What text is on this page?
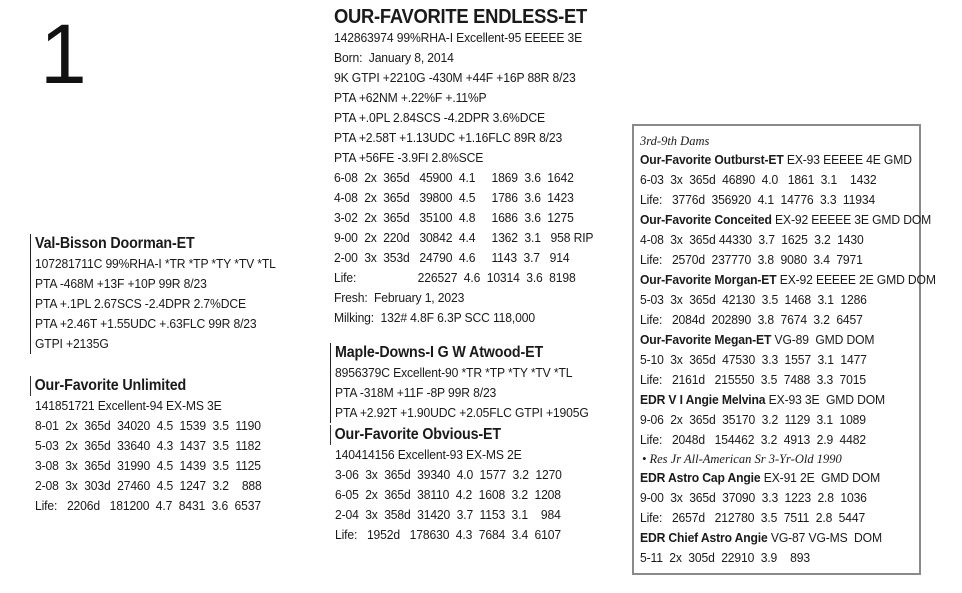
1	OUR-FAVORITE ENDLESS-ET
142863974 99%RHA-I Excellent-95 EEEEE 3E
Born:  January 8, 2014
9K GTPI +2210G -430M +44F +16P 88R 8/23
PTA +62NM +.22%F +.11%P
PTA +.0PL 2.84SCS -4.2DPR 3.6%DCE
PTA +2.58T +1.13UDC +1.16FLC 89R 8/23
PTA +56FE -3.9FI 2.8%SCE
6-08  2x  365d   45900  4.1     1869  3.6  1642
4-08  2x  365d   39800  4.5     1786  3.6  1423
3-02  2x  365d   35100  4.8     1686  3.6  1275
9-00  2x  220d   30842  4.4     1362  3.1   958 RIP
2-00  3x  353d   24790  4.6     1143  3.7   914
Life:                   226527  4.6  10314  3.6  8198
Fresh:  February 1, 2023
Milking:  132# 4.8F 6.3P SCC 118,000
Val-Bisson Doorman-ET
107281711C 99%RHA-I *TR *TP *TY *TV *TL
PTA -468M +13F +10P 99R 8/23
PTA +.1PL 2.67SCS -2.4DPR 2.7%DCE
PTA +2.46T +1.55UDC +.63FLC 99R 8/23
GTPI +2135G
Our-Favorite Unlimited
141851721 Excellent-94 EX-MS 3E
8-01  2x  365d  34020  4.5  1539  3.5  1190
5-03  2x  365d  33640  4.3  1437  3.5  1182
3-08  3x  365d  31990  4.5  1439  3.5  1125
2-08  3x  303d  27460  4.5  1247  3.2    888
Life:   2206d   181200  4.7  8431  3.6  6537
Maple-Downs-I G W Atwood-ET
8956379C Excellent-90 *TR *TP *TY *TV *TL
PTA -318M +11F -8P 99R 8/23
PTA +2.92T +1.90UDC +2.05FLC GTPI +1905G
Our-Favorite Obvious-ET
140414156 Excellent-93 EX-MS 2E
3-06  3x  365d  39340  4.0  1577  3.2  1270
6-05  2x  365d  38110  4.2  1608  3.2  1208
2-04  3x  358d  31420  3.7  1153  3.1    984
Life:   1952d   178630  4.3  7684  3.4  6107
3rd-9th Dams
Our-Favorite Outburst-ET EX-93 EEEEE 4E GMD
6-03  3x  365d  46890  4.0   1861  3.1    1432
Life:   3776d  356920  4.1  14776  3.3  11934
Our-Favorite Conceited EX-92 EEEEE 3E GMD DOM
4-08  3x  365d 44330  3.7  1625  3.2  1430
Life:   2570d  237770  3.8  9080  3.4  7971
Our-Favorite Morgan-ET EX-92 EEEEE 2E GMD DOM
5-03  3x  365d  42130  3.5  1468  3.1  1286
Life:   2084d  202890  3.8  7674  3.2  6457
Our-Favorite Megan-ET VG-89  GMD DOM
5-10  3x  365d  47530  3.3  1557  3.1  1477
Life:   2161d   215550  3.5  7488  3.3  7015
EDR V I Angie Melvina EX-93 3E  GMD DOM
9-06  2x  365d  35170  3.2  1129  3.1  1089
Life:   2048d   154462  3.2  4913  2.9  4482
• Res Jr All-American Sr 3-Yr-Old 1990
EDR Astro Cap Angie EX-91 2E  GMD DOM
9-00  3x  365d  37090  3.3  1223  2.8  1036
Life:   2657d   212780  3.5  7511  2.8  5447
EDR Chief Astro Angie VG-87 VG-MS  DOM
5-11  2x  305d  22910  3.9    893
